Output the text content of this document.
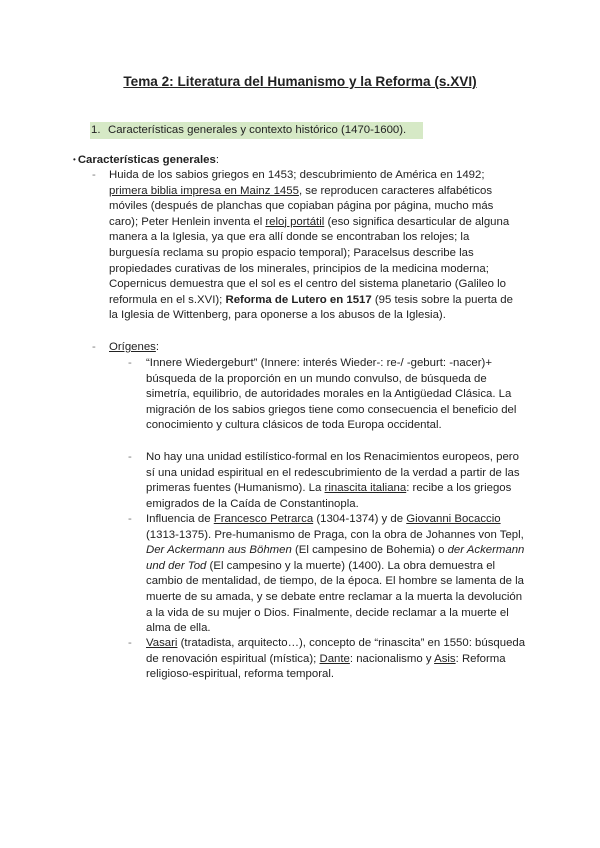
Tema 2: Literatura del Humanismo y la Reforma (s.XVI)
1. Características generales y contexto histórico (1470-1600).

• Características generales:

- Huida de los sabios griegos en 1453; descubrimiento de América en 1492; primera biblia impresa en Mainz 1455, se reproducen caracteres alfabéticos móviles (después de planchas que copiaban página por página, mucho más caro); Peter Henlein inventa el reloj portátil (eso significa desarticular de alguna manera a la Iglesia, ya que era allí donde se encontraban los relojes; la burguesía reclama su propio espacio temporal); Paracelsus describe las propiedades curativas de los minerales, principios de la medicina moderna; Copernicus demuestra que el sol es el centro del sistema planetario (Galileo lo reformula en el s.XVI); Reforma de Lutero en 1517 (95 tesis sobre la puerta de la Iglesia de Wittenberg, para oponerse a los abusos de la Iglesia).

- Orígenes:

- “Innere Wiedergeburt” (Innere: interés Wieder-: re-/ -geburt: -nacer)+ búsqueda de la proporción en un mundo convulso, de búsqueda de simetría, equilibrio, de autoridades morales en la Antigüedad Clásica. La migración de los sabios griegos tiene como consecuencia el beneficio del conocimiento y cultura clásicos de toda Europa occidental.

- No hay una unidad estilístico-formal en los Renacimientos europeos, pero sí una unidad espiritual en el redescubrimiento de la verdad a partir de las primeras fuentes (Humanismo). La rinascita italiana: recibe a los griegos emigrados de la Caída de Constantinopla.

- Influencia de Francesco Petrarca (1304-1374) y de Giovanni Bocaccio (1313-1375). Pre-humanismo de Praga, con la obra de Johannes von Tepl, Der Ackermann aus Böhmen (El campesino de Bohemia) o der Ackermann und der Tod (El campesino y la muerte) (1400). La obra demuestra el cambio de mentalidad, de tiempo, de la época. El hombre se lamenta de la muerte de su amada, y se debate entre reclamar a la muerta la devolución a la vida de su mujer o Dios. Finalmente, decide reclamar a la muerte el alma de ella.

- Vasari (tratadista, arquitecto…), concepto de “rinascita” en 1550: búsqueda de renovación espiritual (mística); Dante: nacionalismo y Asis: Reforma religioso-espiritual, reforma temporal.
